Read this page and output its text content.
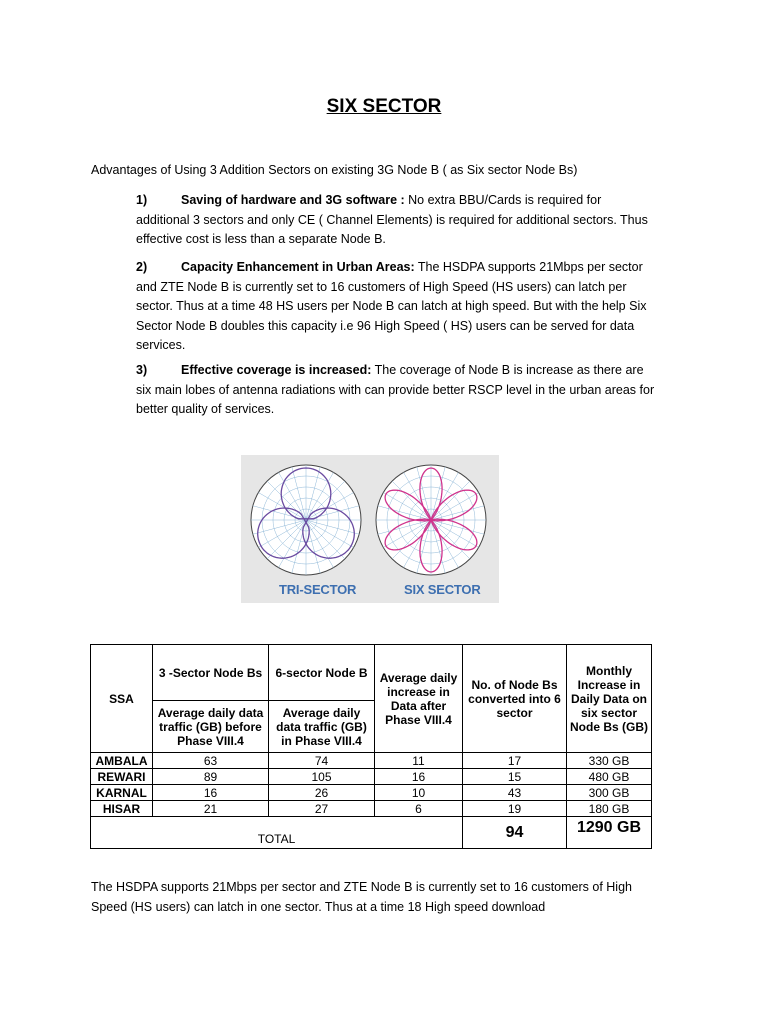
SIX SECTOR
Advantages of Using 3 Addition Sectors on existing 3G Node B ( as Six sector Node Bs)
1)	Saving of hardware and 3G software : No extra BBU/Cards is required for additional 3 sectors and only CE ( Channel Elements) is required for additional sectors. Thus effective cost is less than a separate Node B.
2)	Capacity Enhancement in Urban Areas: The HSDPA supports 21Mbps per sector and ZTE Node B is currently set to 16 customers of High Speed (HS users) can latch per sector. Thus at a time 48 HS users per Node B can latch at high speed. But with the help Six Sector Node B doubles this capacity i.e 96 High Speed ( HS) users can be served for data services.
3)	Effective coverage is increased: The coverage of Node B is increase as there are six main lobes of antenna radiations with can provide better RSCP level in the urban areas for better quality of services.
TRI-SECTOR	SIX SECTOR
SSA	3 -Sector Node Bs	6-sector Node B	Average daily increase in Data after Phase VIII.4	No. of Node Bs converted into 6 sector	Monthly Increase in Daily Data on six sector Node Bs (GB)
	Average daily data traffic (GB) before Phase VIII.4	Average daily data traffic (GB) in Phase VIII.4			
AMBALA	63	74	11	17	330 GB
REWARI	89	105	16	15	480 GB
KARNAL	16	26	10	43	300 GB
HISAR	21	27	6	19	180 GB
TOTAL				94	1290 GB
The HSDPA supports 21Mbps per sector and ZTE Node B is currently set to 16 customers of High Speed (HS users) can latch in one sector. Thus at a time 18 High speed download
